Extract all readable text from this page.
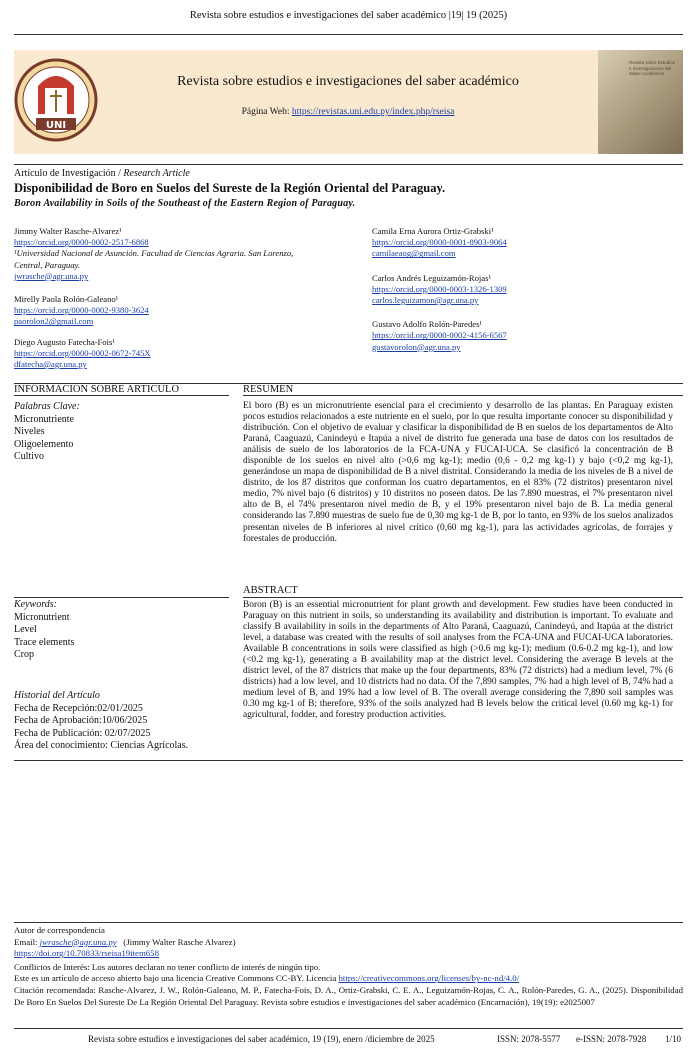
Revista sobre estudios e investigaciones del saber académico |19| 19 (2025)
UNI
Revista sobre estudios e investigaciones del saber académico
Página Web: https://revistas.uni.edu.py/index.php/rseisa
Revista sobre Estudios e Investigaciones del Saber Académico
Artículo de Investigación / Research Article
Disponibilidad de Boro en Suelos del Sureste de la Región Oriental del Paraguay.
Boron Availability in Soils of the Southeast of the Eastern Region of Paraguay.
Jimmy Walter Rasche-Alvarez¹
https://orcid.org/0000-0002-2517-6868
¹Universidad Nacional de Asunción. Facultad de Ciencias Agraria. San Lorenzo, Central, Paraguay.
jwrasche@agr.una.py
Mirelly Paola Rolón-Galeano¹
https://orcid.org/0000-0002-9380-3624
paorolon2@gmail.com
Diego Augusto Fatecha-Fois¹
https://orcid.org/0000-0002-0672-745X
dfatecha@agr.una.py
Camila Erna Aurora Ortiz-Grabski¹
https://orcid.org/0000-0001-8903-9064
camilaeaog@gmail.com
Carlos Andrés Leguizamón-Rojas¹
https://orcid.org/0000-0003-1326-1309
carlos.leguizamon@agr.una.py
Gustavo Adolfo Rolón-Paredes¹
https://orcid.org/0000-0002-4156-6567
gustavorolon@agr.una.py
INFORMACION SOBRE ARTICULO
Palabras Clave:
Micronutriente
Niveles
Oligoelemento
Cultivo
RESUMEN
El boro (B) es un micronutriente esencial para el crecimiento y desarrollo de las plantas. En Paraguay existen pocos estudios relacionados a este nutriente en el suelo, por lo que resulta importante conocer su disponibilidad y distribución. Con el objetivo de evaluar y clasificar la disponibilidad de B en suelos de los departamentos de Alto Paraná, Caaguazú, Canindeyú e Itapúa a nivel de distrito fue generada una base de datos con los resultados de análisis de suelo de los laboratorios de la FCA-UNA y FUCAI-UCA. Se clasificó la concentración de B disponible de los suelos en nivel alto (>0,6 mg kg-1); medio (0,6 - 0,2 mg kg-1) y bajo (<0,2 mg kg-1), generándose un mapa de disponibilidad de B a nivel distrital. Considerando la media de los niveles de B a nivel de distrito, de los 87 distritos que conforman los cuatro departamentos, en el 83% (72 distritos) presentaron nivel medio, 7% nivel bajo (6 distritos) y 10 distritos no poseen datos. De las 7.890 muestras, el 7% presentaron nivel alto de B, el 74% presentaron nivel medio de B, y el 19% presentaron nivel bajo de B. La media general considerando las 7.890 muestras de suelo fue de 0,30 mg kg-1 de B, por lo tanto, en 93% de los suelos analizados presentan niveles de B inferiores al nivel crítico (0,60 mg kg-1), para las actividades agrícolas, de forrajes y forestales de producción.
ABSTRACT
Boron (B) is an essential micronutrient for plant growth and development. Few studies have been conducted in Paraguay on this nutrient in soils, so understanding its availability and distribution is important. To evaluate and classify B availability in soils in the departments of Alto Paraná, Caaguazú, Canindeyú, and Itapúa at the district level, a database was created with the results of soil analyses from the FCA-UNA and FUCAI-UCA laboratories. Available B concentrations in soils were classified as high (>0.6 mg kg-1); medium (0.6-0.2 mg kg-1), and low (<0.2 mg kg-1), generating a B availability map at the district level. Considering the average B levels at the district level, of the 87 districts that make up the four departments, 83% (72 districts) had a medium level, 7% (6 districts) had a low level, and 10 districts had no data. Of the 7,890 samples, 7% had a high level of B, 74% had a medium level of B, and 19% had a low level of B. The overall average considering the 7,890 soil samples was 0.30 mg kg-1 of B; therefore, 93% of the soils analyzed had B levels below the critical level (0.60 mg kg-1) for agricultural, fodder, and forestry production activities.
Keywords:
Micronutrient
Level
Trace elements
Crop
Historial del Artículo
Fecha de Recepción:02/01/2025
Fecha de Aprobación:10/06/2025
Fecha de Publicación: 02/07/2025
Área del conocimiento: Ciencias Agrícolas.
Autor de correspondencia
Email: jwrasche@agr.una.py (Jimmy Walter Rasche Alvarez)
https://doi.org/10.70833/rseisa19item658
Conflictos de Interés: Los autores declaran no tener conflicto de interés de ningún tipo.
Este es un artículo de acceso abierto bajo una licencia Creative Commons CC-BY. Licencia https://creativecommons.org/licenses/by-nc-nd/4.0/
Citación recomendada: Rasche-Alvarez, J. W., Rolón-Galeano, M. P., Fatecha-Fois, D. A., Ortiz-Grabski, C. E. A., Leguizamón-Rojas, C. A., Rolón-Paredes, G. A., (2025). Disponibilidad De Boro En Suelos Del Sureste De La Región Oriental Del Paraguay. Revista sobre estudios e investigaciones del saber académico (Encarnación), 19(19): e2025007
Revista sobre estudios e investigaciones del saber académico, 19 (19), enero /diciembre de 2025	ISSN: 2078-5577 e-ISSN: 2078-7928 1/10
